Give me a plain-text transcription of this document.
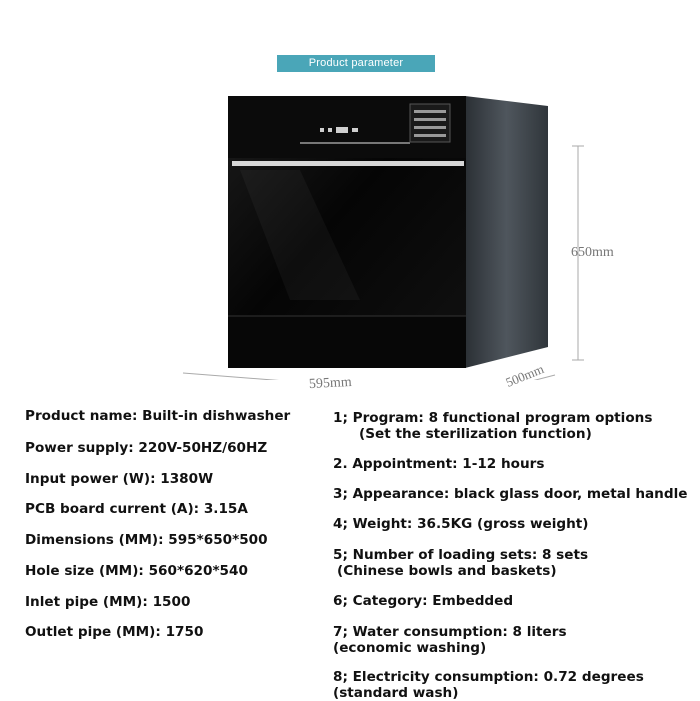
Product parameter
595mm	500mm
650mm
Product name: Built-in dishwasher
Power supply: 220V-50HZ/60HZ
Input power (W): 1380W
PCB board current (A): 3.15A
Dimensions (MM): 595*650*500
Hole size (MM): 560*620*540
Inlet pipe (MM): 1500
Outlet pipe (MM): 1750
1; Program: 8 functional program options
(Set the sterilization function)
2. Appointment: 1-12 hours
3; Appearance: black glass door, metal handle
4; Weight: 36.5KG (gross weight)
5; Number of loading sets: 8 sets
(Chinese bowls and baskets)
6; Category: Embedded
7; Water consumption: 8 liters
(economic washing)
8; Electricity consumption: 0.72 degrees
(standard wash)
